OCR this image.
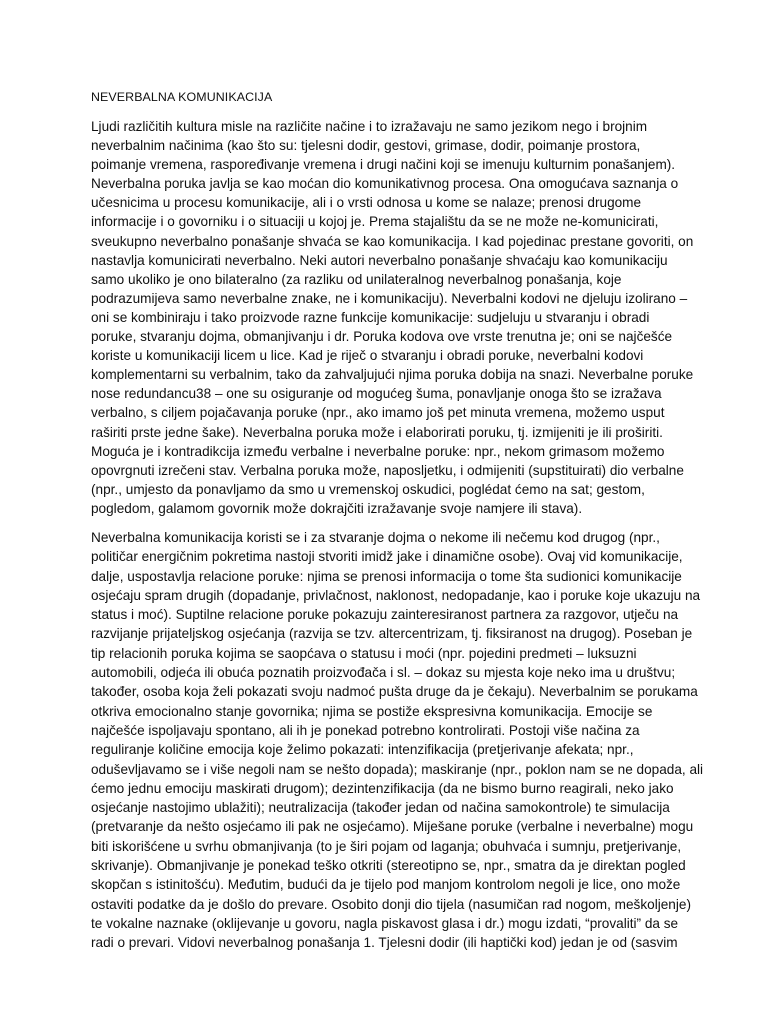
NEVERBALNA KOMUNIKACIJA
Ljudi različitih kultura misle na različite načine i to izražavaju ne samo jezikom nego i brojnim
neverbalnim načinima (kao što su: tjelesni dodir, gestovi, grimase, dodir, poimanje prostora,
poimanje vremena, raspoređivanje vremena i drugi načini koji se imenuju kulturnim ponašanjem).
Neverbalna poruka javlja se kao moćan dio komunikativnog procesa. Ona omogućava saznanja o
učesnicima u procesu komunikacije, ali i o vrsti odnosa u kome se nalaze; prenosi drugome
informacije i o govorniku i o situaciji u kojoj je. Prema stajalištu da se ne može ne-komunicirati,
sveukupno neverbalno ponašanje shvaća se kao komunikacija. I kad pojedinac prestane govoriti, on
nastavlja komunicirati neverbalno. Neki autori neverbalno ponašanje shvaćaju kao komunikaciju
samo ukoliko je ono bilateralno (za razliku od unilateralnog neverbalnog ponašanja, koje
podrazumijeva samo neverbalne znake, ne i komunikaciju). Neverbalni kodovi ne djeluju izolirano –
oni se kombiniraju i tako proizvode razne funkcije komunikacije: sudjeluju u stvaranju i obradi
poruke, stvaranju dojma, obmanjivanju i dr. Poruka kodova ove vrste trenutna je; oni se najčešće
koriste u komunikaciji licem u lice. Kad je riječ o stvaranju i obradi poruke, neverbalni kodovi
komplementarni su verbalnim, tako da zahvaljujući njima poruka dobija na snazi. Neverbalne poruke
nose redundancu38 – one su osiguranje od mogućeg šuma, ponavljanje onoga što se izražava
verbalno, s ciljem pojačavanja poruke (npr., ako imamo još pet minuta vremena, možemo usput
raširiti prste jedne šake). Neverbalna poruka može i elaborirati poruku, tj. izmijeniti je ili proširiti.
Moguća je i kontradikcija između verbalne i neverbalne poruke: npr., nekom grimasom možemo
opovrgnuti izrečeni stav. Verbalna poruka može, naposljetku, i odmijeniti (supstituirati) dio verbalne
(npr., umjesto da ponavljamo da smo u vremenskoj oskudici, poglédat ćemo na sat; gestom,
pogledom, galamom govornik može dokrajčiti izražavanje svoje namjere ili stava).
Neverbalna komunikacija koristi se i za stvaranje dojma o nekome ili nečemu kod drugog (npr.,
političar energičnim pokretima nastoji stvoriti imidž jake i dinamične osobe). Ovaj vid komunikacije,
dalje, uspostavlja relacione poruke: njima se prenosi informacija o tome šta sudionici komunikacije
osjećaju spram drugih (dopadanje, privlačnost, naklonost, nedopadanje, kao i poruke koje ukazuju na
status i moć). Suptilne relacione poruke pokazuju zainteresiranost partnera za razgovor, utječu na
razvijanje prijateljskog osjećanja (razvija se tzv. altercentrizam, tj. fiksiranost na drugog). Poseban je
tip relacionih poruka kojima se saopćava o statusu i moći (npr. pojedini predmeti – luksuzni
automobili, odjeća ili obuća poznatih proizvođača i sl. – dokaz su mjesta koje neko ima u društvu;
također, osoba koja želi pokazati svoju nadmoć pušta druge da je čekaju). Neverbalnim se porukama
otkriva emocionalno stanje govornika; njima se postiže ekspresivna komunikacija. Emocije se
najčešće ispoljavaju spontano, ali ih je ponekad potrebno kontrolirati. Postoji više načina za
reguliranje količine emocija koje želimo pokazati: intenzifikacija (pretjerivanje afekata; npr.,
oduševljavamo se i više negoli nam se nešto dopada); maskiranje (npr., poklon nam se ne dopada, ali
ćemo jednu emociju maskirati drugom); dezintenzifikacija (da ne bismo burno reagirali, neko jako
osjećanje nastojimo ublažiti); neutralizacija (također jedan od načina samokontrole) te simulacija
(pretvaranje da nešto osjećamo ili pak ne osjećamo). Miješane poruke (verbalne i neverbalne) mogu
biti iskorišćene u svrhu obmanjivanja (to je širi pojam od laganja; obuhvaća i sumnju, pretjerivanje,
skrivanje). Obmanjivanje je ponekad teško otkriti (stereotipno se, npr., smatra da je direktan pogled
skopčan s istinitošću). Međutim, budući da je tijelo pod manjom kontrolom negoli je lice, ono može
ostaviti podatke da je došlo do prevare. Osobito donji dio tijela (nasumičan rad nogom, meškoljenje)
te vokalne naznake (oklijevanje u govoru, nagla piskavost glasa i dr.) mogu izdati, “provaliti” da se
radi o prevari. Vidovi neverbalnog ponašanja 1. Tjelesni dodir (ili haptički kod) jedan je od (sasvim
